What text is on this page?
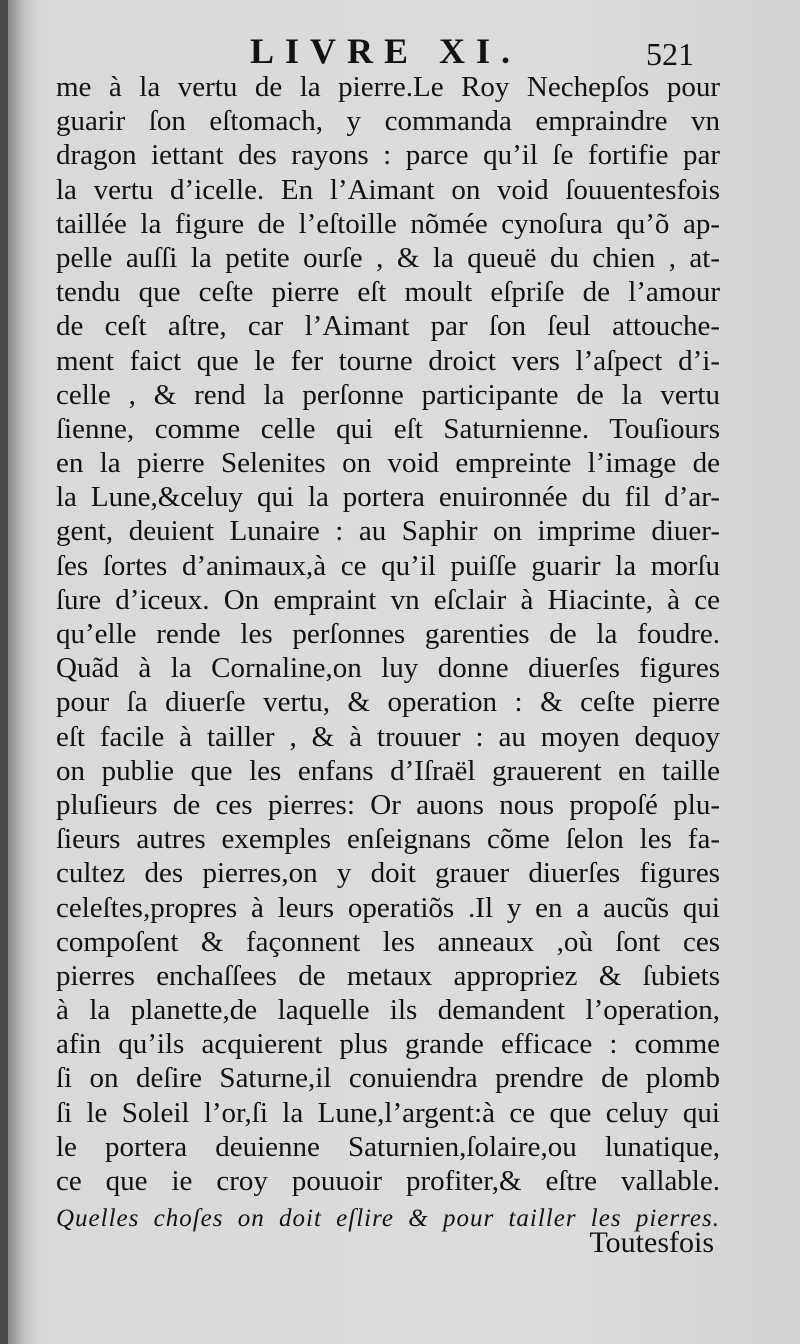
LIVRE XI.	521
me à la vertu de la pierre.Le Roy Nechepſos pour
guarir ſon eſtomach, y commanda empraindre vn
dragon iettant des rayons : parce qu’il ſe fortifie par
la vertu d’icelle. En l’Aimant on void ſouuentesfois
taillée la figure de l’eſtoille nõmée cynoſura qu’õ ap-
pelle auſſi la petite ourſe , & la queuë du chien , at-
tendu que ceſte pierre eſt moult eſpriſe de l’amour
de ceſt aſtre, car l’Aimant par ſon ſeul attouche-
ment faict que le fer tourne droict vers l’aſpect d’i-
celle , & rend la perſonne participante de la vertu
ſienne, comme celle qui eſt Saturnienne. Touſiours
en la pierre Selenites on void empreinte l’image de
la Lune,&celuy qui la portera enuironnée du fil d’ar-
gent, deuient Lunaire : au Saphir on imprime diuer-
ſes ſortes d’animaux,à ce qu’il puiſſe guarir la morſu
ſure d’iceux. On empraint vn eſclair à Hiacinte, à ce
qu’elle rende les perſonnes garenties de la foudre.
Quãd à la Cornaline,on luy donne diuerſes figures
pour ſa diuerſe vertu, & operation : & ceſte pierre
eſt facile à tailler , & à trouuer : au moyen dequoy
on publie que les enfans d’Iſraël grauerent en taille
pluſieurs de ces pierres: Or auons nous propoſé plu-
ſieurs autres exemples enſeignans cõme ſelon les fa-
cultez des pierres,on y doit grauer diuerſes figures
celeſtes,propres à leurs operatiõs .Il y en a aucũs qui
compoſent & façonnent les anneaux ,où ſont ces
pierres enchaſſees de metaux appropriez & ſubiets
à la planette,de laquelle ils demandent l’operation,
afin qu’ils acquierent plus grande efficace : comme
ſi on deſire Saturne,il conuiendra prendre de plomb
ſi le Soleil l’or,ſi la Lune,l’argent:à ce que celuy qui
le portera deuienne Saturnien,ſolaire,ou lunatique,
ce que ie croy pouuoir profiter,& eſtre vallable.
Quelles choſes on doit eſlire & pour tailler les pierres.
Toutesfois
